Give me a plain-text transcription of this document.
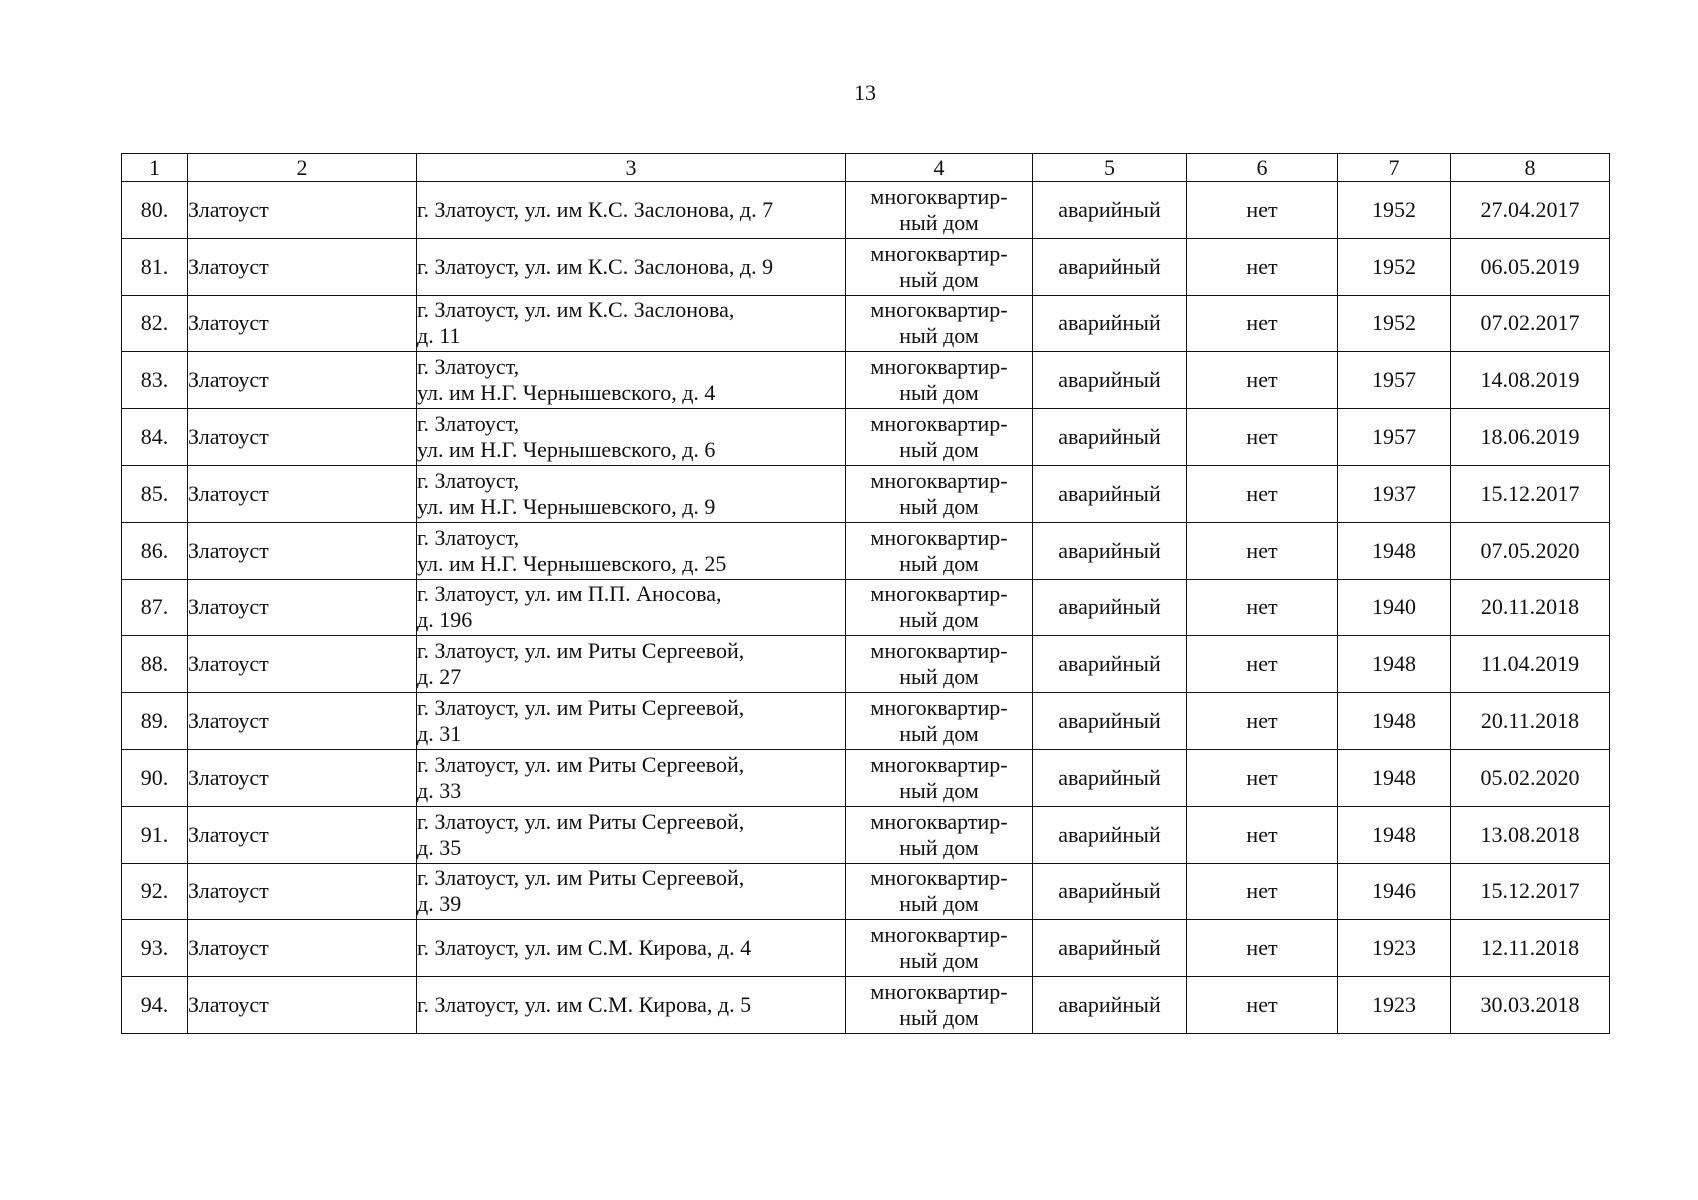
13
1	2	3	4	5	6	7	8
80.	Златоуст	г. Златоуст, ул. им К.С. Заслонова, д. 7	многоквартир-
ный дом	аварийный	нет	1952	27.04.2017
81.	Златоуст	г. Златоуст, ул. им К.С. Заслонова, д. 9	многоквартир-
ный дом	аварийный	нет	1952	06.05.2019
82.	Златоуст	г. Златоуст, ул. им К.С. Заслонова,
д. 11	многоквартир-
ный дом	аварийный	нет	1952	07.02.2017
83.	Златоуст	г. Златоуст,
ул. им Н.Г. Чернышевского, д. 4	многоквартир-
ный дом	аварийный	нет	1957	14.08.2019
84.	Златоуст	г. Златоуст,
ул. им Н.Г. Чернышевского, д. 6	многоквартир-
ный дом	аварийный	нет	1957	18.06.2019
85.	Златоуст	г. Златоуст,
ул. им Н.Г. Чернышевского, д. 9	многоквартир-
ный дом	аварийный	нет	1937	15.12.2017
86.	Златоуст	г. Златоуст,
ул. им Н.Г. Чернышевского, д. 25	многоквартир-
ный дом	аварийный	нет	1948	07.05.2020
87.	Златоуст	г. Златоуст, ул. им П.П. Аносова,
д. 196	многоквартир-
ный дом	аварийный	нет	1940	20.11.2018
88.	Златоуст	г. Златоуст, ул. им Риты Сергеевой,
д. 27	многоквартир-
ный дом	аварийный	нет	1948	11.04.2019
89.	Златоуст	г. Златоуст, ул. им Риты Сергеевой,
д. 31	многоквартир-
ный дом	аварийный	нет	1948	20.11.2018
90.	Златоуст	г. Златоуст, ул. им Риты Сергеевой,
д. 33	многоквартир-
ный дом	аварийный	нет	1948	05.02.2020
91.	Златоуст	г. Златоуст, ул. им Риты Сергеевой,
д. 35	многоквартир-
ный дом	аварийный	нет	1948	13.08.2018
92.	Златоуст	г. Златоуст, ул. им Риты Сергеевой,
д. 39	многоквартир-
ный дом	аварийный	нет	1946	15.12.2017
93.	Златоуст	г. Златоуст, ул. им С.М. Кирова, д. 4	многоквартир-
ный дом	аварийный	нет	1923	12.11.2018
94.	Златоуст	г. Златоуст, ул. им С.М. Кирова, д. 5	многоквартир-
ный дом	аварийный	нет	1923	30.03.2018
